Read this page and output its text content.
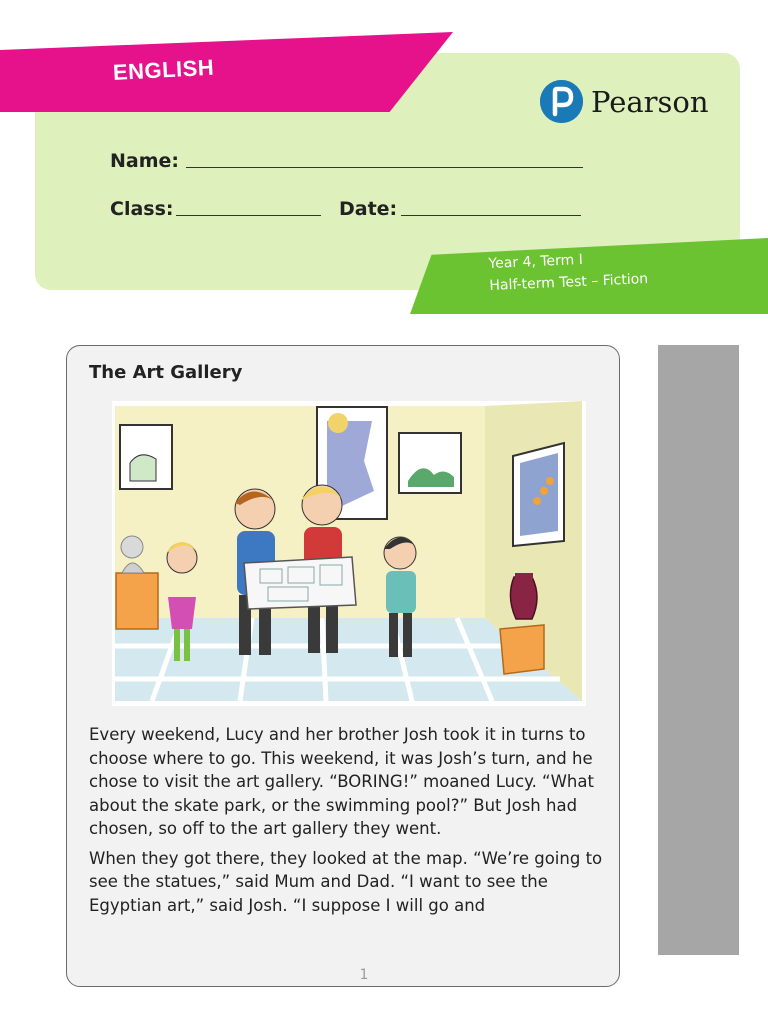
ENGLISH
Pearson
Name:
Class:	Date:
Year 4, Term I
Half-term Test – Fiction
The Art Gallery

Every weekend, Lucy and her brother Josh took it in turns to choose where to go. This weekend, it was Josh’s turn, and he chose to visit the art gallery. “BORING!” moaned Lucy. “What about the skate park, or the swimming pool?” But Josh had chosen, so off to the art gallery they went.

When they got there, they looked at the map. “We’re going to see the statues,” said Mum and Dad. “I want to see the Egyptian art,” said Josh. “I suppose I will go and

1
